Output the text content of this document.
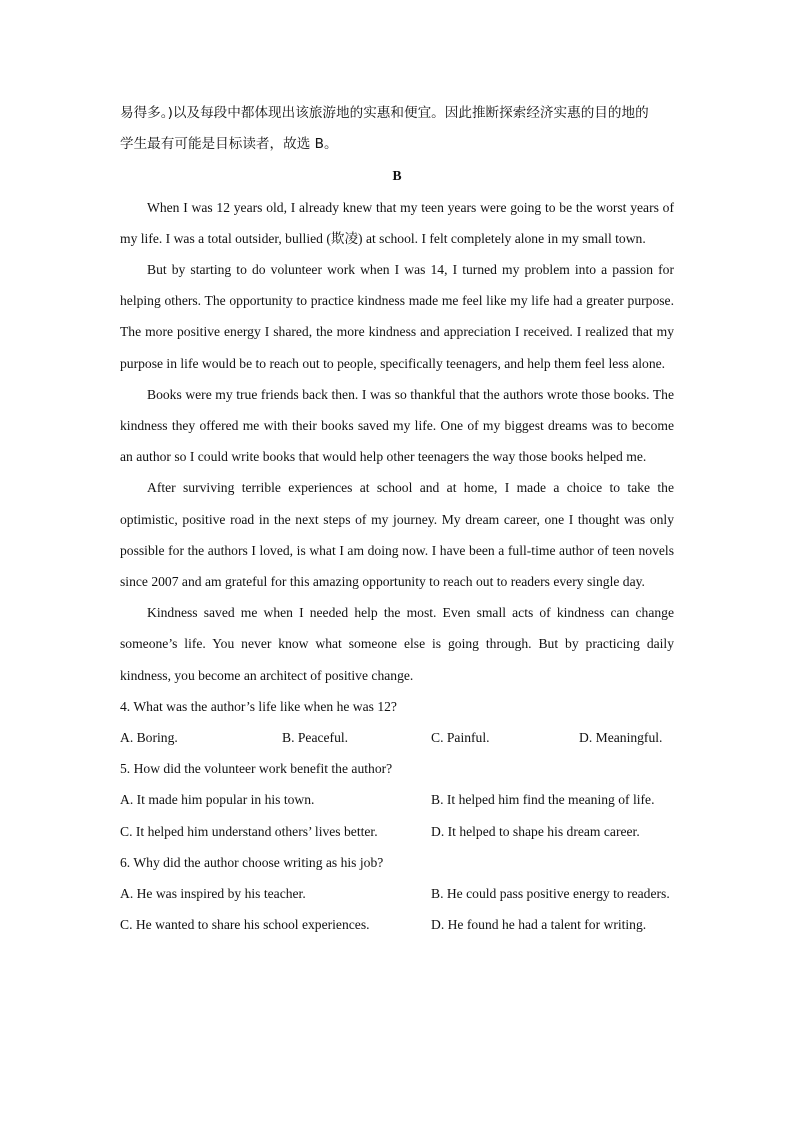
易得多。)以及每段中都体现出该旅游地的实惠和便宜。因此推断探索经济实惠的目的地的
学生最有可能是目标读者，故选 B。
B

When I was 12 years old, I already knew that my teen years were going to be the worst years of my life. I was a total outsider, bullied (欺凌) at school. I felt completely alone in my small town.

But by starting to do volunteer work when I was 14, I turned my problem into a passion for helping others. The opportunity to practice kindness made me feel like my life had a greater purpose. The more positive energy I shared, the more kindness and appreciation I received. I realized that my purpose in life would be to reach out to people, specifically teenagers, and help them feel less alone.

Books were my true friends back then. I was so thankful that the authors wrote those books. The kindness they offered me with their books saved my life. One of my biggest dreams was to become an author so I could write books that would help other teenagers the way those books helped me.

After surviving terrible experiences at school and at home, I made a choice to take the optimistic, positive road in the next steps of my journey. My dream career, one I thought was only possible for the authors I loved, is what I am doing now. I have been a full-time author of teen novels since 2007 and am grateful for this amazing opportunity to reach out to readers every single day.

Kindness saved me when I needed help the most. Even small acts of kindness can change someone’s life. You never know what someone else is going through. But by practicing daily kindness, you become an architect of positive change.

4. What was the author’s life like when he was 12?

A. Boring.	B. Peaceful.	C. Painful.	D. Meaningful.

5. How did the volunteer work benefit the author?

A. It made him popular in his town.	B. It helped him find the meaning of life.
C. It helped him understand others’ lives better.	D. It helped to shape his dream career.

6. Why did the author choose writing as his job?

A. He was inspired by his teacher.	B. He could pass positive energy to readers.
C. He wanted to share his school experiences.	D. He found he had a talent for writing.
